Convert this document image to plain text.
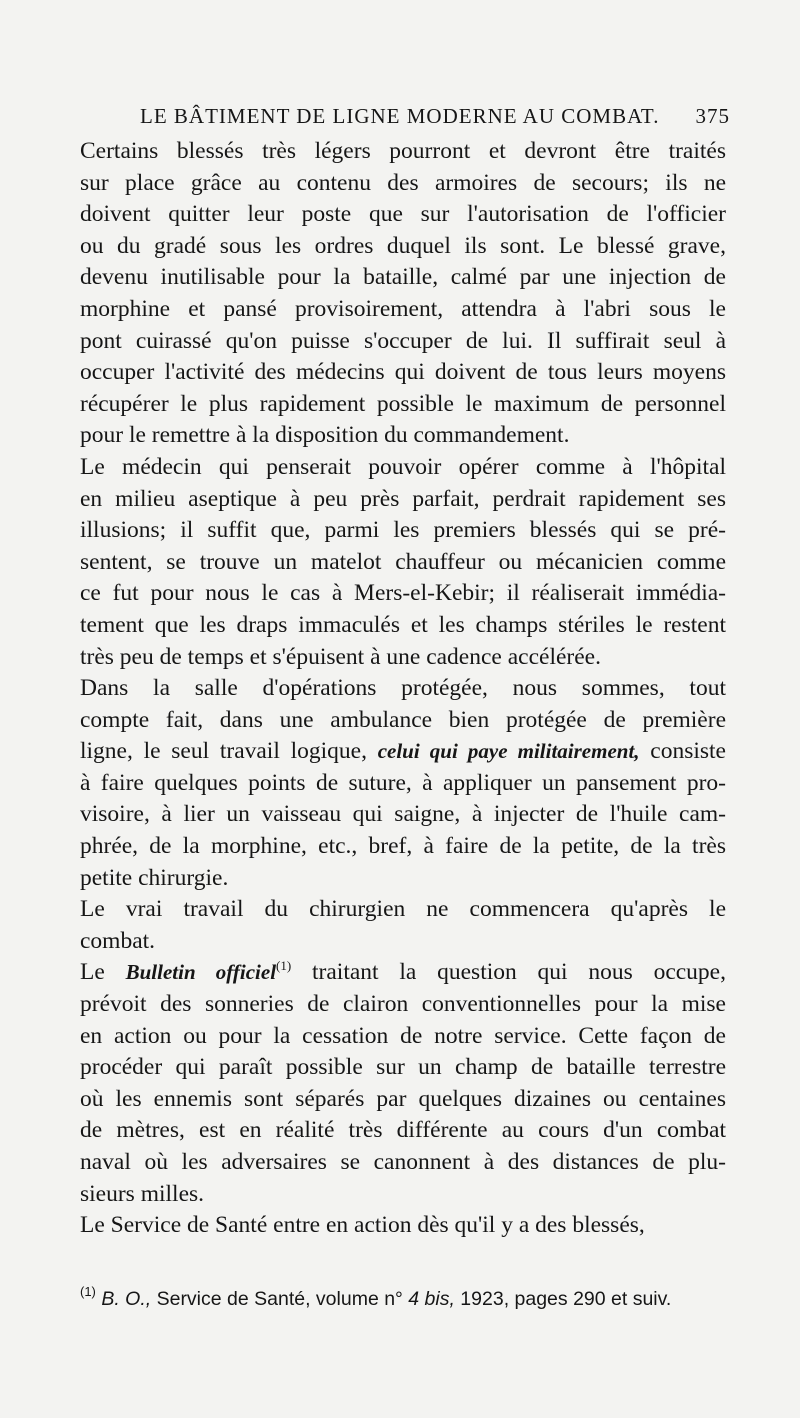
LE BÂTIMENT DE LIGNE MODERNE AU COMBAT. 375

Certains blessés très légers pourront et devront être traités
sur place grâce au contenu des armoires de secours; ils ne
doivent quitter leur poste que sur l'autorisation de l'officier
ou du gradé sous les ordres duquel ils sont. Le blessé grave,
devenu inutilisable pour la bataille, calmé par une injection de
morphine et pansé provisoirement, attendra à l'abri sous le
pont cuirassé qu'on puisse s'occuper de lui. Il suffirait seul à
occuper l'activité des médecins qui doivent de tous leurs moyens
récupérer le plus rapidement possible le maximum de personnel
pour le remettre à la disposition du commandement.

Le médecin qui penserait pouvoir opérer comme à l'hôpital
en milieu aseptique à peu près parfait, perdrait rapidement ses
illusions; il suffit que, parmi les premiers blessés qui se pré-
sentent, se trouve un matelot chauffeur ou mécanicien comme
ce fut pour nous le cas à Mers-el-Kebir; il réaliserait immédia-
tement que les draps immaculés et les champs stériles le restent
très peu de temps et s'épuisent à une cadence accélérée.

Dans la salle d'opérations protégée, nous sommes, tout
compte fait, dans une ambulance bien protégée de première
ligne, le seul travail logique, celui qui paye militairement, consiste
à faire quelques points de suture, à appliquer un pansement pro-
visoire, à lier un vaisseau qui saigne, à injecter de l'huile cam-
phrée, de la morphine, etc., bref, à faire de la petite, de la très
petite chirurgie.

Le vrai travail du chirurgien ne commencera qu'après le
combat.

Le Bulletin officiel$^{(1)}$ traitant la question qui nous occupe,
prévoit des sonneries de clairon conventionnelles pour la mise
en action ou pour la cessation de notre service. Cette façon de
procéder qui paraît possible sur un champ de bataille terrestre
où les ennemis sont séparés par quelques dizaines ou centaines
de mètres, est en réalité très différente au cours d'un combat
naval où les adversaires se canonnent à des distances de plu-
sieurs milles.

Le Service de Santé entre en action dès qu'il y a des blessés,

$^{(1)}$ B. O., Service de Santé, volume n° 4 bis, 1923, pages 290 et suiv.
